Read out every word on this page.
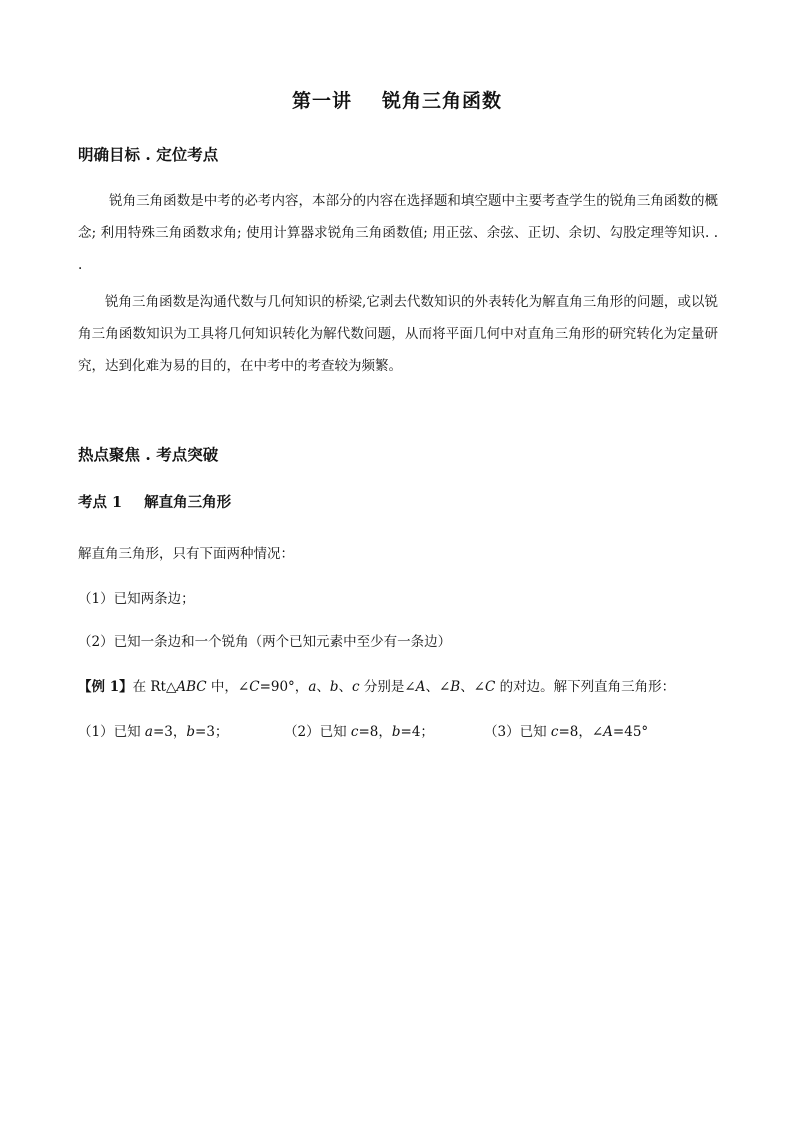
第一讲 锐角三角函数
明确目标 . 定位考点
锐角三角函数是中考的必考内容，本部分的内容在选择题和填空题中主要考查学生的锐角三角函数的概念; 利用特殊三角函数求角; 使用计算器求锐角三角函数值; 用正弦、余弦、正切、余切、勾股定理等知识. . .
锐角三角函数是沟通代数与几何知识的桥梁,它剥去代数知识的外表转化为解直角三角形的问题，或以锐角三角函数知识为工具将几何知识转化为解代数问题，从而将平面几何中对直角三角形的研究转化为定量研究，达到化难为易的目的，在中考中的考查较为频繁。
热点聚焦 . 考点突破
考点 1 解直角三角形
解直角三角形，只有下面两种情况：
（1）已知两条边；
（2）已知一条边和一个锐角（两个已知元素中至少有一条边）
【例 1】在 Rt△ABC 中，∠C=90°，a、b、c 分别是∠A、∠B、∠C 的对边。解下列直角三角形：
（1）已知 a=3，b=3；	（2）已知 c=8，b=4；	（3）已知 c=8，∠A=45°
